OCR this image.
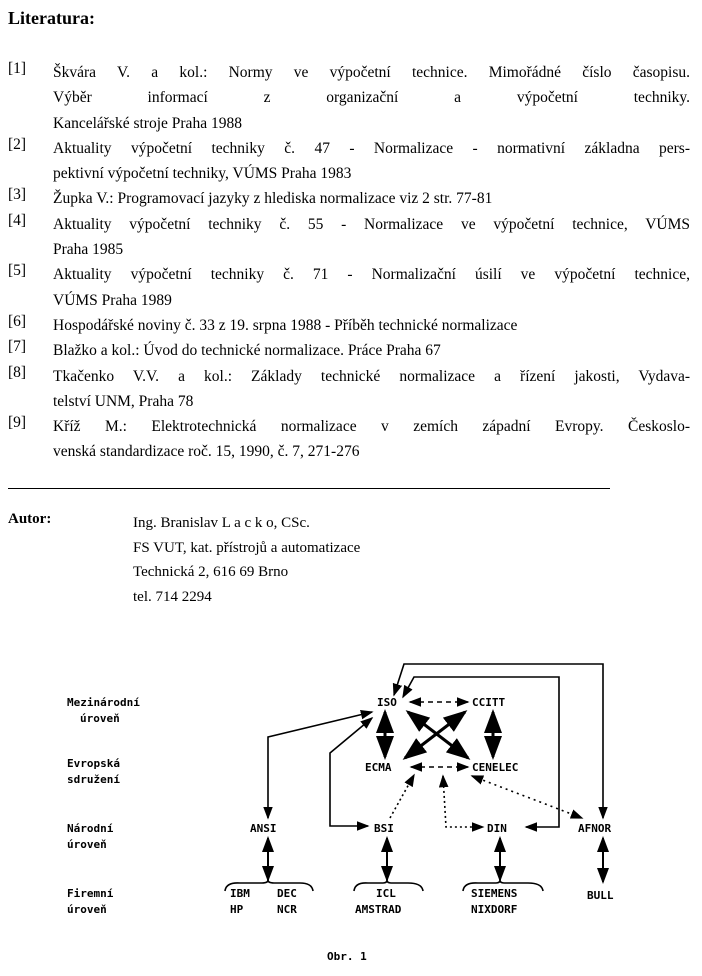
Literatura:
[1] Škvára V. a kol.: Normy ve výpočetní technice. Mimořádné číslo časopisu.
Výběr informací z organizační a výpočetní techniky.
Kancelářské stroje Praha 1988
[2] Aktuality výpočetní techniky č. 47 - Normalizace - normativní základna pers-
pektivní výpočetní techniky, VÚMS Praha 1983
[3] Župka V.: Programovací jazyky z hlediska normalizace viz 2 str. 77-81
[4] Aktuality výpočetní techniky č. 55 - Normalizace ve výpočetní technice, VÚMS
Praha 1985
[5] Aktuality výpočetní techniky č. 71 - Normalizační úsilí ve výpočetní technice,
VÚMS Praha 1989
[6] Hospodářské noviny č. 33 z 19. srpna 1988 - Příběh technické normalizace
[7] Blažko a kol.: Úvod do technické normalizace. Práce Praha 67
[8] Tkačenko V.V. a kol.: Základy technické normalizace a řízení jakosti, Vydava-
telství UNM, Praha 78
[9] Kříž M.: Elektrotechnická normalizace v zemích západní Evropy. Českoslo-
venská standardizace roč. 15, 1990, č. 7, 271-276
Autor:	Ing. Branislav L a c k o, CSc.
FS VUT, kat. přístrojů a automatizace
Technická 2, 616 69 Brno
tel. 714 2294
Mezinárodní
úroveň
Evropská
sdružení
Národní
úroveň
Firemní
úroveň
ISO	CCITT
ECMA	CENELEC
ANSI	BSI	DIN	AFNOR
IBM DEC
HP	NCR
ICL
AMSTRAD
SIEMENS
NIXDORF
BULL
Obr. 1
